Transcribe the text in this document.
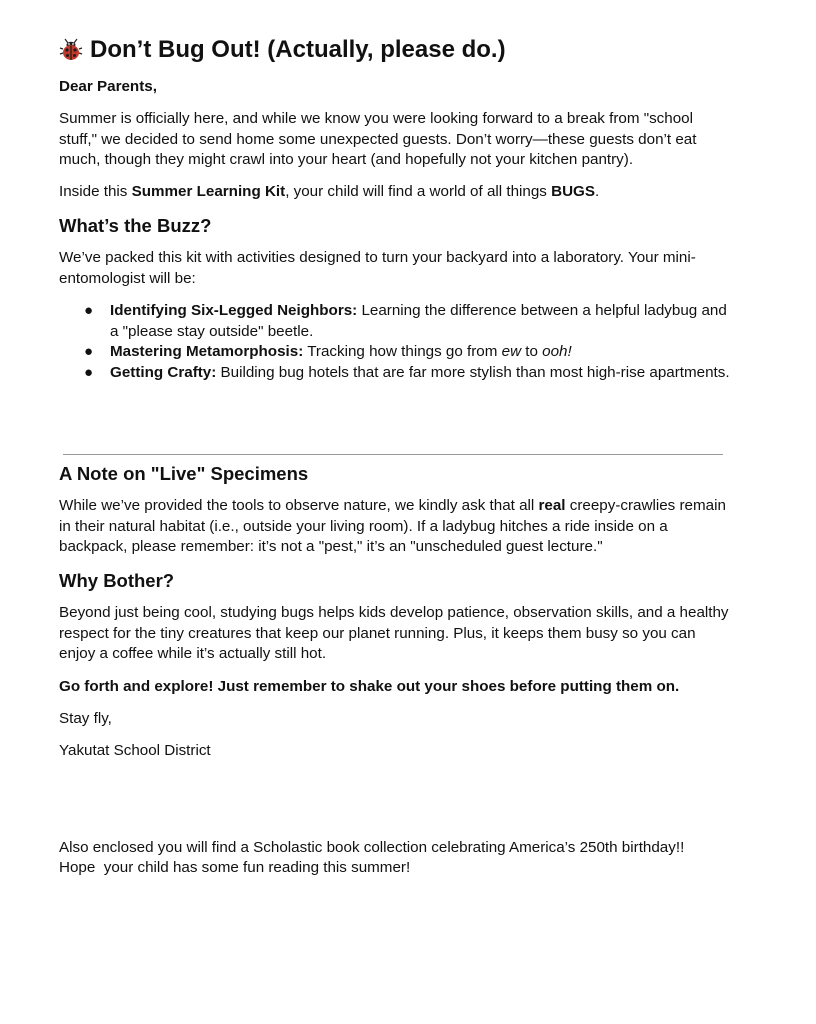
Don’t Bug Out! (Actually, please do.)

Dear Parents,

Summer is officially here, and while we know you were looking forward to a break from "school stuff," we decided to send home some unexpected guests. Don’t worry—these guests don’t eat much, though they might crawl into your heart (and hopefully not your kitchen pantry).

Inside this Summer Learning Kit, your child will find a world of all things BUGS.

What’s the Buzz?

We’ve packed this kit with activities designed to turn your backyard into a laboratory. Your mini-entomologist will be:

● Identifying Six-Legged Neighbors: Learning the difference between a helpful ladybug and a "please stay outside" beetle.
● Mastering Metamorphosis: Tracking how things go from ew to ooh!
● Getting Crafty: Building bug hotels that are far more stylish than most high-rise apartments.
A Note on "Live" Specimens

While we’ve provided the tools to observe nature, we kindly ask that all real creepy-crawlies remain in their natural habitat (i.e., outside your living room). If a ladybug hitches a ride inside on a backpack, please remember: it’s not a "pest," it’s an "unscheduled guest lecture."

Why Bother?

Beyond just being cool, studying bugs helps kids develop patience, observation skills, and a healthy respect for the tiny creatures that keep our planet running. Plus, it keeps them busy so you can enjoy a coffee while it’s actually still hot.

Go forth and explore! Just remember to shake out your shoes before putting them on.

Stay fly,

Yakutat School District

Also enclosed you will find a Scholastic book collection celebrating America’s 250th birthday!!

Hope  your child has some fun reading this summer!
